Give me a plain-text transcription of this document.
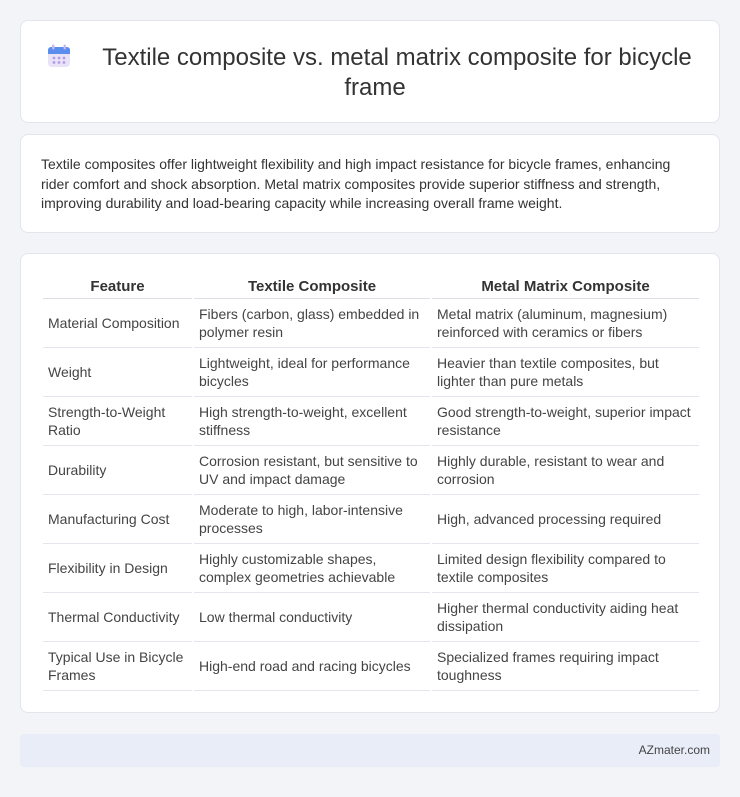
Textile composite vs. metal matrix composite for bicycle frame

Textile composites offer lightweight flexibility and high impact resistance for bicycle frames, enhancing rider comfort and shock absorption. Metal matrix composites provide superior stiffness and strength, improving durability and load-bearing capacity while increasing overall frame weight.

Feature	Textile Composite	Metal Matrix Composite
Material Composition	Fibers (carbon, glass) embedded in polymer resin	Metal matrix (aluminum, magnesium) reinforced with ceramics or fibers
Weight	Lightweight, ideal for performance bicycles	Heavier than textile composites, but lighter than pure metals
Strength-to-Weight Ratio	High strength-to-weight, excellent stiffness	Good strength-to-weight, superior impact resistance
Durability	Corrosion resistant, but sensitive to UV and impact damage	Highly durable, resistant to wear and corrosion
Manufacturing Cost	Moderate to high, labor-intensive processes	High, advanced processing required
Flexibility in Design	Highly customizable shapes, complex geometries achievable	Limited design flexibility compared to textile composites
Thermal Conductivity	Low thermal conductivity	Higher thermal conductivity aiding heat dissipation
Typical Use in Bicycle Frames	High-end road and racing bicycles	Specialized frames requiring impact toughness
AZmater.com
